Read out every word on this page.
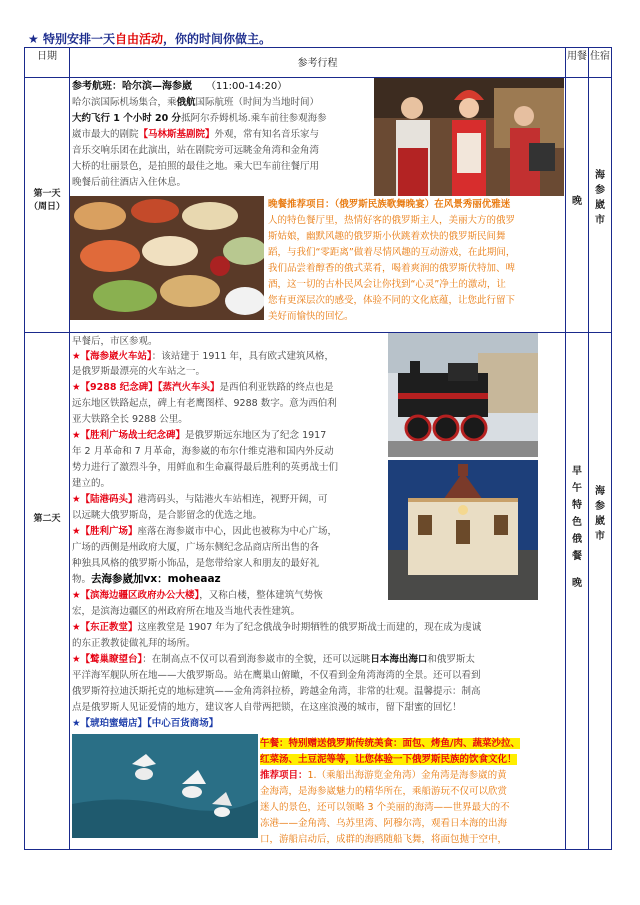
★ 特别安排一天自由活动，你的时间你做主。
日期
参考行程
用餐 住宿
第一天
（周日）	晚
海参崴市
第二天
早
午
特
色
俄
餐
晚
海参崴市
参考航班：哈尔滨—海参崴 （11:00-14:20）
哈尔滨国际机场集合，乘俄航国际航班（时间为当地时间）
大约飞行 1 个小时 20 分抵阿尔乔姆机场.乘车前往参观海参
崴市最大的剧院【马林斯基剧院】外观，常有知名音乐家与
音乐交响乐团在此演出，站在剧院旁可远眺金角湾和金角湾
大桥的壮丽景色，是拍照的最佳之地。乘大巴车前往餐厅用
晚餐后前往酒店入住休息。
晚餐推荐项目：（俄罗斯民族歌舞晚宴）在风景秀丽优雅迷
人的特色餐厅里，热情好客的俄罗斯主人，美丽大方的俄罗
斯姑娘，幽默风趣的俄罗斯小伙跳着欢快的俄罗斯民间舞
蹈，与我们“零距离”做着尽情风趣的互动游戏，在此期间，
我们品尝着醇香的俄式菜肴，喝着爽润的俄罗斯伏特加、啤
酒，这一切的古朴民风会让你找到“心灵”净土的激动，让
您有更深层次的感受，体验不同的文化底蕴，让您此行留下
美好而愉快的回忆。
早餐后，市区参观。
★【海参崴火车站】：该站建于 1911 年，具有欧式建筑风格，
是俄罗斯最漂亮的火车站之一。
★【9288 纪念碑】【蒸汽火车头】是西伯利亚铁路的终点也是
远东地区铁路起点，碑上有老鹰图样、9288 数字。意为西伯利
亚大铁路全长 9288 公里。
★【胜利广场战士纪念碑】是俄罗斯远东地区为了纪念 1917
年 2 月革命和 7 月革命，海参崴的布尔什维克港和国内外反动
势力进行了激烈斗争，用鲜血和生命赢得最后胜利的英勇战士们
建立的。
★【陆港码头】港湾码头，与陆港火车站相连，视野开阔，可
以远眺大俄罗斯岛，是合影留念的优选之地。
★【胜利广场】座落在海参崴市中心，因此也被称为中心广场，
广场的西侧是州政府大厦，广场东侧纪念品商店所出售的各
种独具风格的俄罗斯小饰品，是您带给家人和朋友的最好礼
物。去海参崴加vx：moheaaz
★【滨海边疆区政府办公大楼】，又称白楼，整体建筑气势恢
宏，是滨海边疆区的州政府所在地及当地代表性建筑。
★【东正教堂】这座教堂是 1907 年为了纪念俄战争时期牺牲的俄罗斯战士而建的，现在成为虔诚
的东正教教徒做礼拜的场所。
★【鹫巢瞭望台】：在制高点不仅可以看到海参崴市的全貌，还可以远眺日本海出海口和俄罗斯太
平洋海军舰队所在地——大俄罗斯岛。站在鹰巢山俯瞰，不仅看到金角湾海湾的全景。还可以看到
俄罗斯符拉迪沃斯托克的地标建筑——金角湾斜拉桥，跨越金角湾，非常的壮观。温馨提示：制高
点是俄罗斯人见证爱情的地方，建议客人自带两把锁，在这座浪漫的城市，留下甜蜜的回忆！
★【琥珀蜜蜡店】【中心百货商场】
午餐：特别赠送俄罗斯传统美食：面包、烤鱼/肉、蔬菜沙拉、
红菜汤、土豆泥等等，让您体验一下俄罗斯民族的饮食文化！
推荐项目：1.（乘船出海游览金角湾）金角湾是海参崴的黄
金海湾，是海参崴魅力的精华所在，乘船游玩不仅可以欣赏
迷人的景色，还可以领略 3 个美丽的海湾——世界最大的不
冻港——金角湾、乌苏里湾、阿穆尔湾，观看日本海的出海
口，游船启动后，成群的海鸥随船飞舞，将面包抛于空中，
